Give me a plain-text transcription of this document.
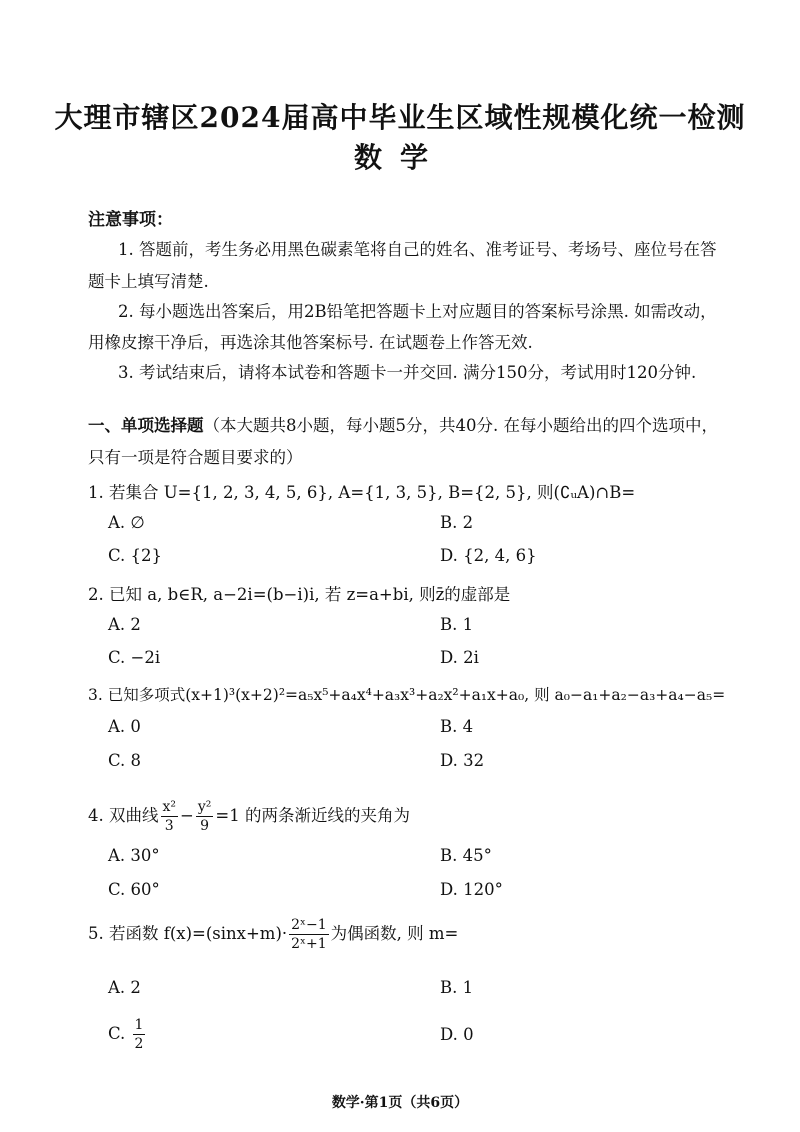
大理市辖区2024届高中毕业生区域性规模化统一检测
数学
注意事项：
1. 答题前，考生务必用黑色碳素笔将自己的姓名、准考证号、考场号、座位号在答
题卡上填写清楚.
2. 每小题选出答案后，用2B铅笔把答题卡上对应题目的答案标号涂黑. 如需改动，
用橡皮擦干净后，再选涂其他答案标号. 在试题卷上作答无效.
3. 考试结束后，请将本试卷和答题卡一并交回. 满分150分，考试用时120分钟.
一、单项选择题（本大题共8小题，每小题5分，共40分. 在每小题给出的四个选项中，
只有一项是符合题目要求的）
1. 若集合 U={1, 2, 3, 4, 5, 6}, A={1, 3, 5}, B={2, 5}, 则(∁ᵤA)∩B=
A. ∅	B. 2
C. {2}	D. {2, 4, 6}
2. 已知 a, b∈R, a−2i=(b−i)i, 若 z=a+bi, 则z̄的虚部是
A. 2	B. 1
C. −2i	D. 2i
3. 已知多项式(x+1)³(x+2)²=a₅x⁵+a₄x⁴+a₃x³+a₂x²+a₁x+a₀, 则 a₀−a₁+a₂−a₃+a₄−a₅=
A. 0	B. 4
C. 8	D. 32
4. 双曲线 $\frac{\text{x²}}{3} - \frac{\text{y²}}{9} =1$ 的两条渐近线的夹角为
A. 30°	B. 45°
C. 60°	D. 120°
5. 若函数 $f(x)=(\sin x+m)\cdot \frac{\text{2ˣ−1}}{\text{2ˣ+1}}$ 为偶函数, 则 m=
A. 2	B. 1
C. $\frac{1}{2}$	D. 0
数学·第1页（共6页）
